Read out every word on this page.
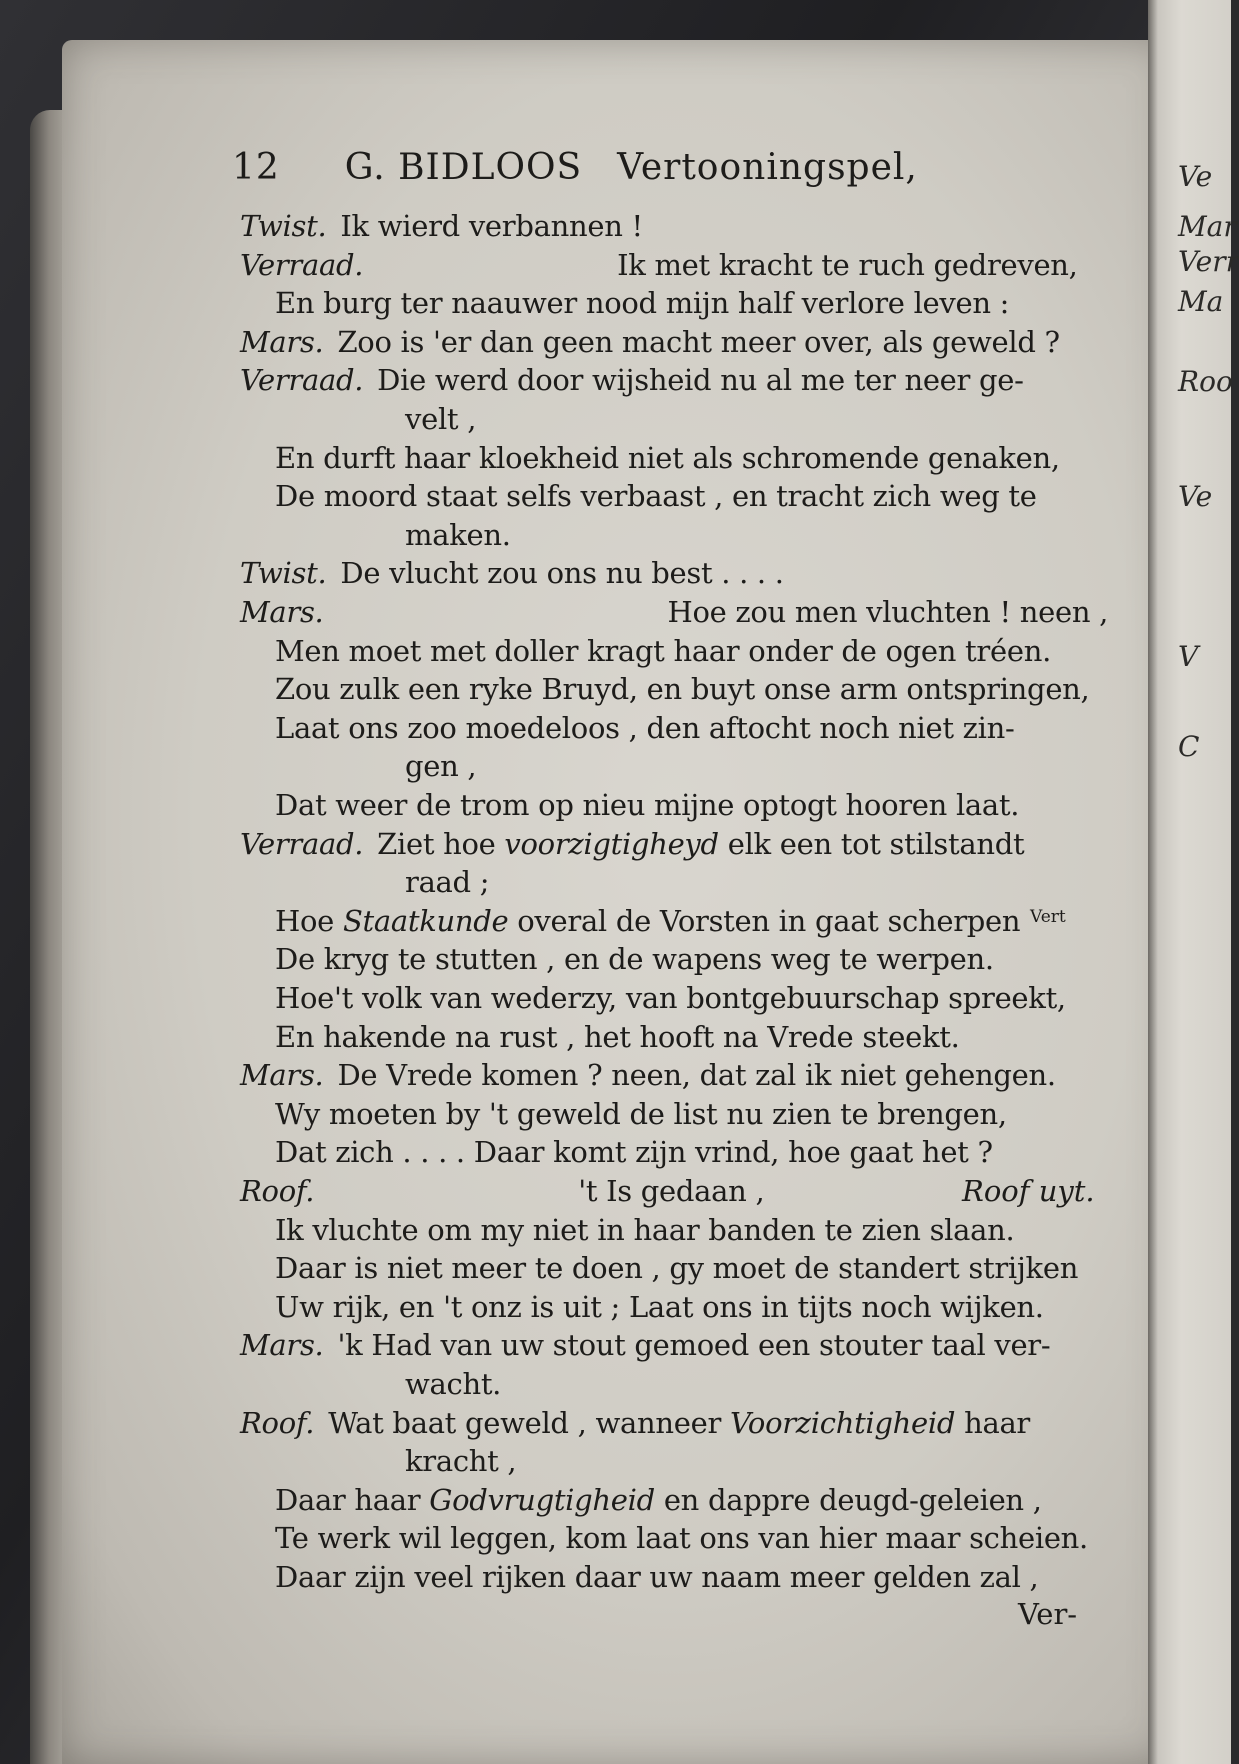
12 G. BIDLOOS Vertooningspel,
Twist. Ik wierd verbannen !
Verraad.	Ik met kracht te ruch gedreven,
En burg ter naauwer nood mijn half verlore leven :
Mars. Zoo is 'er dan geen macht meer over, als geweld ?
Verraad. Die werd door wijsheid nu al me ter neer ge-
velt ,
En durft haar kloekheid niet als schromende genaken,
De moord staat selfs verbaast , en tracht zich weg te
maken.
Twist. De vlucht zou ons nu best . . . .
Mars.	Hoe zou men vluchten ! neen ,
Men moet met doller kragt haar onder de ogen tréen.
Zou zulk een ryke Bruyd, en buyt onse arm ontspringen,
Laat ons zoo moedeloos , den aftocht noch niet zin-
gen ,
Dat weer de trom op nieu mijne optogt hooren laat.
Verraad. Ziet hoe voorzigtigheyd elk een tot stilstandt
raad ;
Hoe Staatkunde overal de Vorsten in gaat scherpen Vert
De kryg te stutten , en de wapens weg te werpen.
Hoe't volk van wederzy, van bontgebuurschap spreekt,
En hakende na rust , het hooft na Vrede steekt.
Mars. De Vrede komen ? neen, dat zal ik niet gehengen.
Wy moeten by 't geweld de list nu zien te brengen,
Dat zich . . . . Daar komt zijn vrind, hoe gaat het ?
Roof.	't Is gedaan ,	Roof uyt.
Ik vluchte om my niet in haar banden te zien slaan.
Daar is niet meer te doen , gy moet de standert strijken
Uw rijk, en 't onz is uit ; Laat ons in tijts noch wijken.
Mars. 'k Had van uw stout gemoed een stouter taal ver-
wacht.
Roof. Wat baat geweld , wanneer Voorzichtigheid haar
kracht ,
Daar haar Godvrugtigheid en dappre deugd-geleien ,
Te werk wil leggen, kom laat ons van hier maar scheien.
Daar zijn veel rijken daar uw naam meer gelden zal ,
Ver-
Ve
Mar
Verr
Ma
Roo
Ve
V
C
